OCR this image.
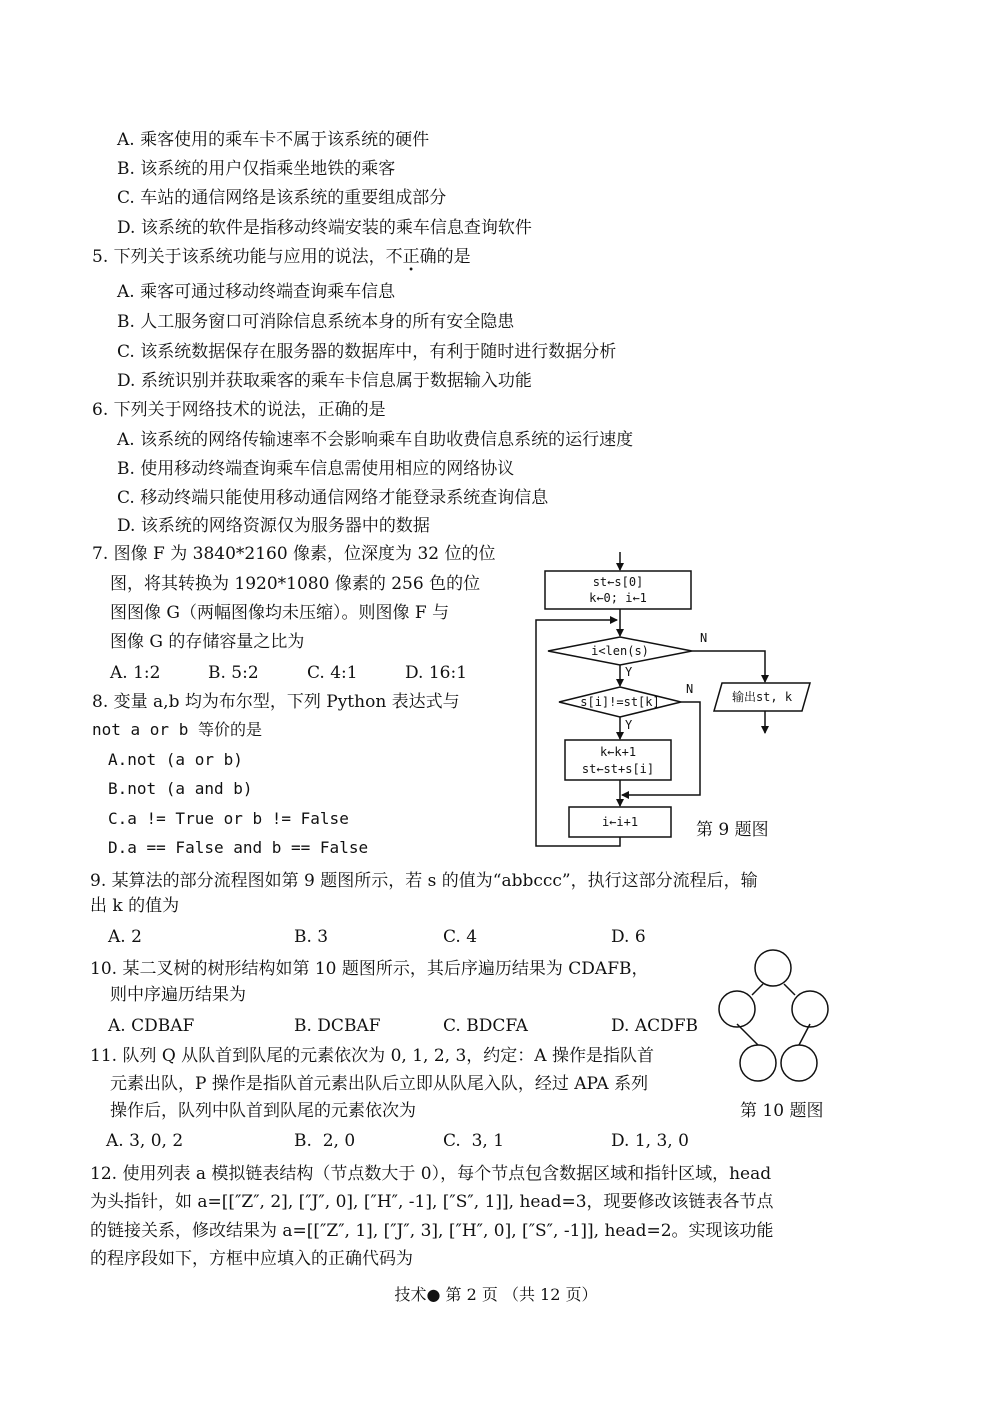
A. 乘客使用的乘车卡不属于该系统的硬件
B. 该系统的用户仅指乘坐地铁的乘客
C. 车站的通信网络是该系统的重要组成部分
D. 该系统的软件是指移动终端安装的乘车信息查询软件
5. 下列关于该系统功能与应用的说法，不正确的是
A. 乘客可通过移动终端查询乘车信息
B. 人工服务窗口可消除信息系统本身的所有安全隐患
C. 该系统数据保存在服务器的数据库中，有利于随时进行数据分析
D. 系统识别并获取乘客的乘车卡信息属于数据输入功能
6. 下列关于网络技术的说法，正确的是
A. 该系统的网络传输速率不会影响乘车自助收费信息系统的运行速度
B. 使用移动终端查询乘车信息需使用相应的网络协议
C. 移动终端只能使用移动通信网络才能登录系统查询信息
D. 该系统的网络资源仅为服务器中的数据
7. 图像 F 为 3840*2160 像素，位深度为 32 位的位
图，将其转换为 1920*1080 像素的 256 色的位
图图像 G（两幅图像均未压缩）。则图像 F 与
图像 G 的存储容量之比为
A. 1:2	B. 5:2	C. 4:1	D. 16:1
8. 变量 a,b 均为布尔型，下列 Python 表达式与
not a or b 等价的是
A.not (a or b)
B.not (a and b)
C.a != True or b != False
D.a == False and b == False
st←s[0]
k←0; i←1
i<len(s)
s[i]!=st[k]
k←k+1
st←st+s[i]
i←i+1
输出st, k
Y
Y
N
N
第 9 题图
9. 某算法的部分流程图如第 9 题图所示，若 s 的值为“abbccc”，执行这部分流程后，输
出 k 的值为
A. 2	B. 3	C. 4	D. 6
10. 某二叉树的树形结构如第 10 题图所示，其后序遍历结果为 CDAFB，
则中序遍历结果为
A. CDBAF	B. DCBAF	C. BDCFA	D. ACDFB
第 10 题图
11. 队列 Q 从队首到队尾的元素依次为 0, 1, 2, 3，约定：A 操作是指队首
元素出队，P 操作是指队首元素出队后立即从队尾入队，经过 APA 系列
操作后，队列中队首到队尾的元素依次为
A. 3, 0, 2	B.  2, 0	C.  3, 1	D. 1, 3, 0
12. 使用列表 a 模拟链表结构（节点数大于 0），每个节点包含数据区域和指针区域，head
为头指针，如 a=[[″Z″, 2], [″J″, 0], [″H″, -1], [″S″, 1]], head=3，现要修改该链表各节点
的链接关系，修改结果为 a=[[″Z″, 1], [″J″, 3], [″H″, 0], [″S″, -1]], head=2。实现该功能
的程序段如下，方框中应填入的正确代码为
技术● 第 2 页 （共 12 页）
